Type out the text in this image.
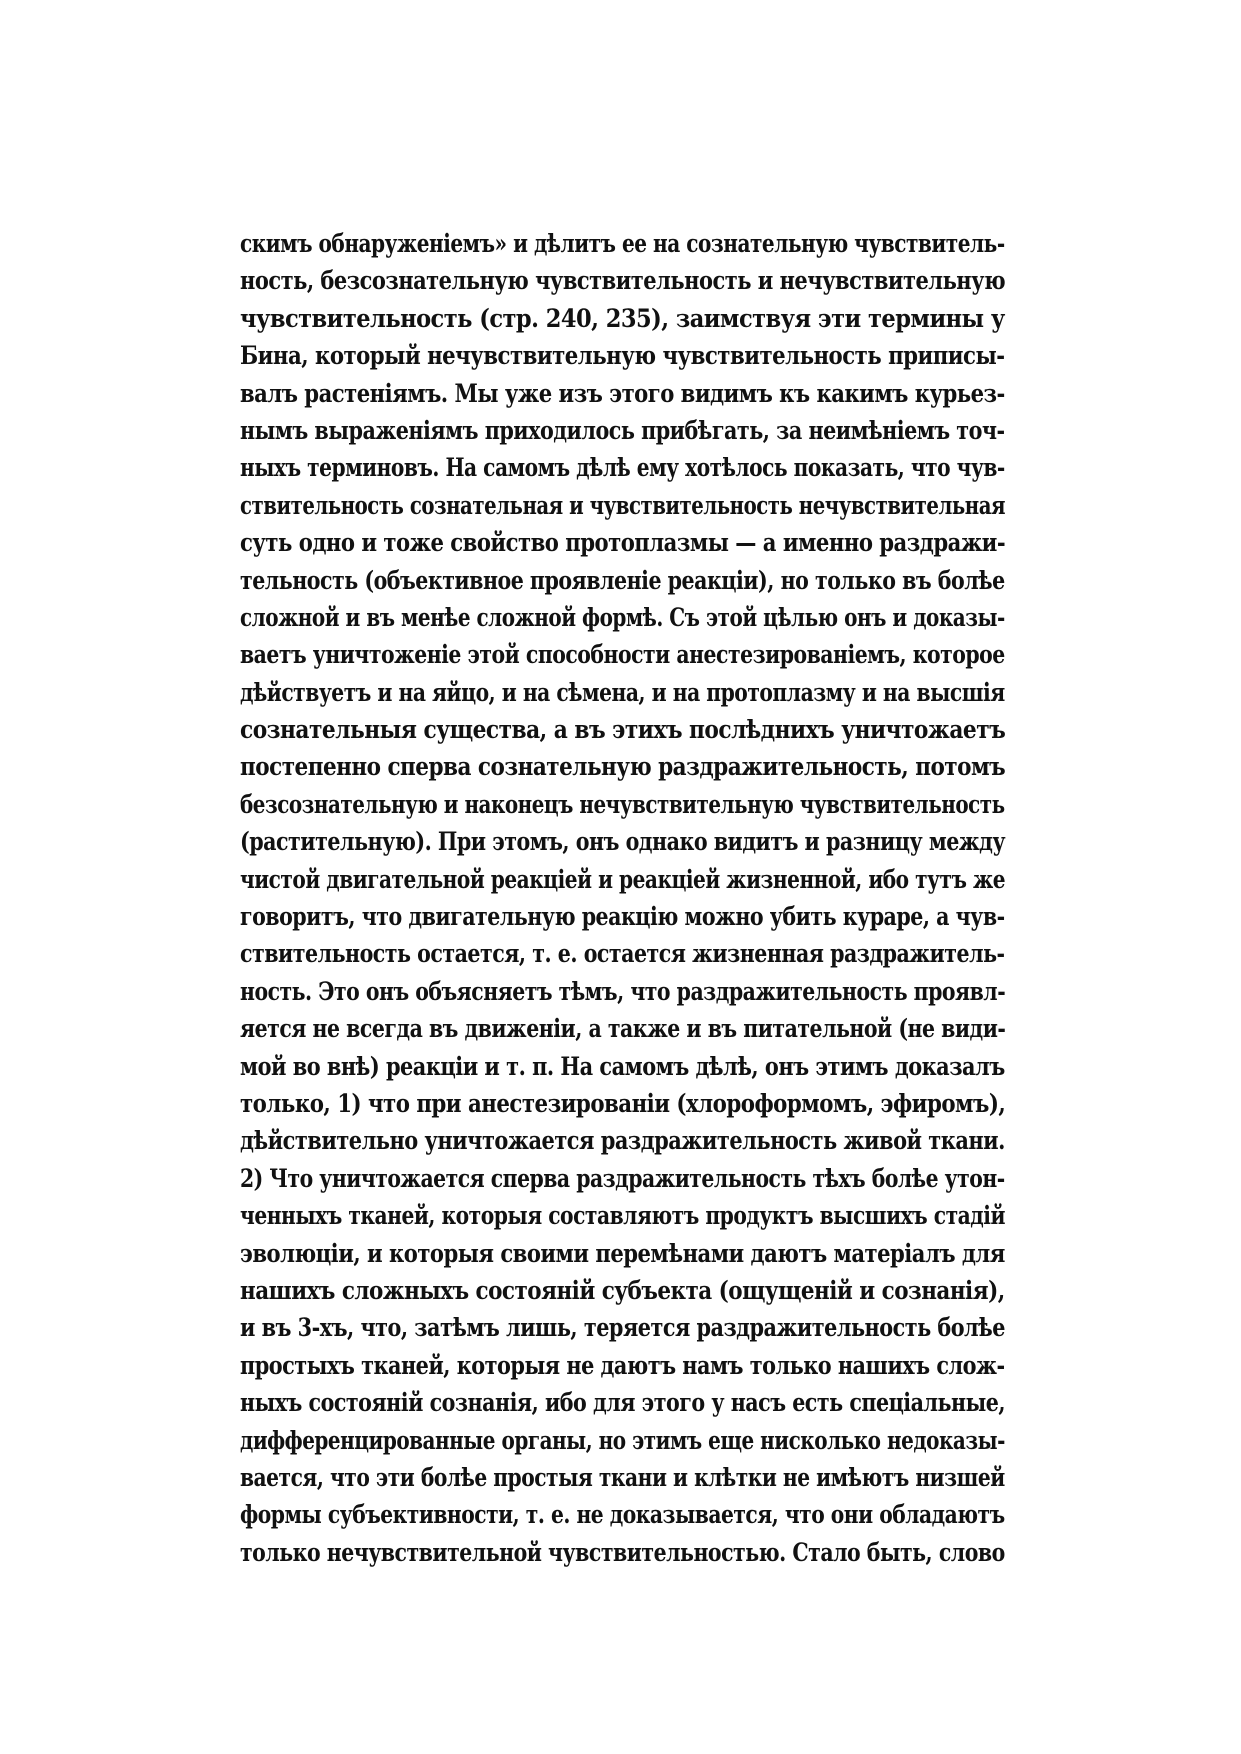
скимъ обнаруженіемъ» и дѣлитъ ее на сознательную чувствитель-
ность, безсознательную чувствительность и нечувствительную
чувствительность (стр. 240, 235), заимствуя эти термины у
Бина, который нечувствительную чувствительность приписы-
валъ растеніямъ. Мы уже изъ этого видимъ къ какимъ курьез-
нымъ выраженіямъ приходилось прибѣгать, за неимѣніемъ точ-
ныхъ терминовъ. На самомъ дѣлѣ ему хотѣлось показать, что чув-
ствительность сознательная и чувствительность нечувствительная
суть одно и тоже свойство протоплазмы — а именно раздражи-
тельность (объективное проявленіе реакціи), но только въ болѣе
сложной и въ менѣе сложной формѣ. Съ этой цѣлью онъ и доказы-
ваетъ уничтоженіе этой способности анестезированіемъ, которое
дѣйствуетъ и на яйцо, и на сѣмена, и на протоплазму и на высшія
сознательныя существа, а въ этихъ послѣднихъ уничтожаетъ
постепенно сперва сознательную раздражительность, потомъ
безсознательную и наконецъ нечувствительную чувствительность
(растительную). При этомъ, онъ однако видитъ и разницу между
чистой двигательной реакціей и реакціей жизненной, ибо тутъ же
говоритъ, что двигательную реакцію можно убить кураре, а чув-
ствительность остается, т. е. остается жизненная раздражитель-
ность. Это онъ объясняетъ тѣмъ, что раздражительность проявл-
яется не всегда въ движеніи, а также и въ питательной (не види-
мой во внѣ) реакціи и т. п. На самомъ дѣлѣ, онъ этимъ доказалъ
только, 1) что при анестезированіи (хлороформомъ, эфиромъ),
дѣйствительно уничтожается раздражительность живой ткани.
2) Что уничтожается сперва раздражительность тѣхъ болѣе утон-
ченныхъ тканей, которыя составляютъ продуктъ высшихъ стадій
эволюціи, и которыя своими перемѣнами даютъ матеріалъ для
нашихъ сложныхъ состояній субъекта (ощущеній и сознанія),
и въ 3-хъ, что, затѣмъ лишь, теряется раздражительность болѣе
простыхъ тканей, которыя не даютъ намъ только нашихъ слож-
ныхъ состояній сознанія, ибо для этого у насъ есть спеціальные,
дифференцированные органы, но этимъ еще нисколько недоказы-
вается, что эти болѣе простыя ткани и клѣтки не имѣютъ низшей
формы субъективности, т. е. не доказывается, что они обладаютъ
только нечувствительной чувствительностью. Стало быть, слово
